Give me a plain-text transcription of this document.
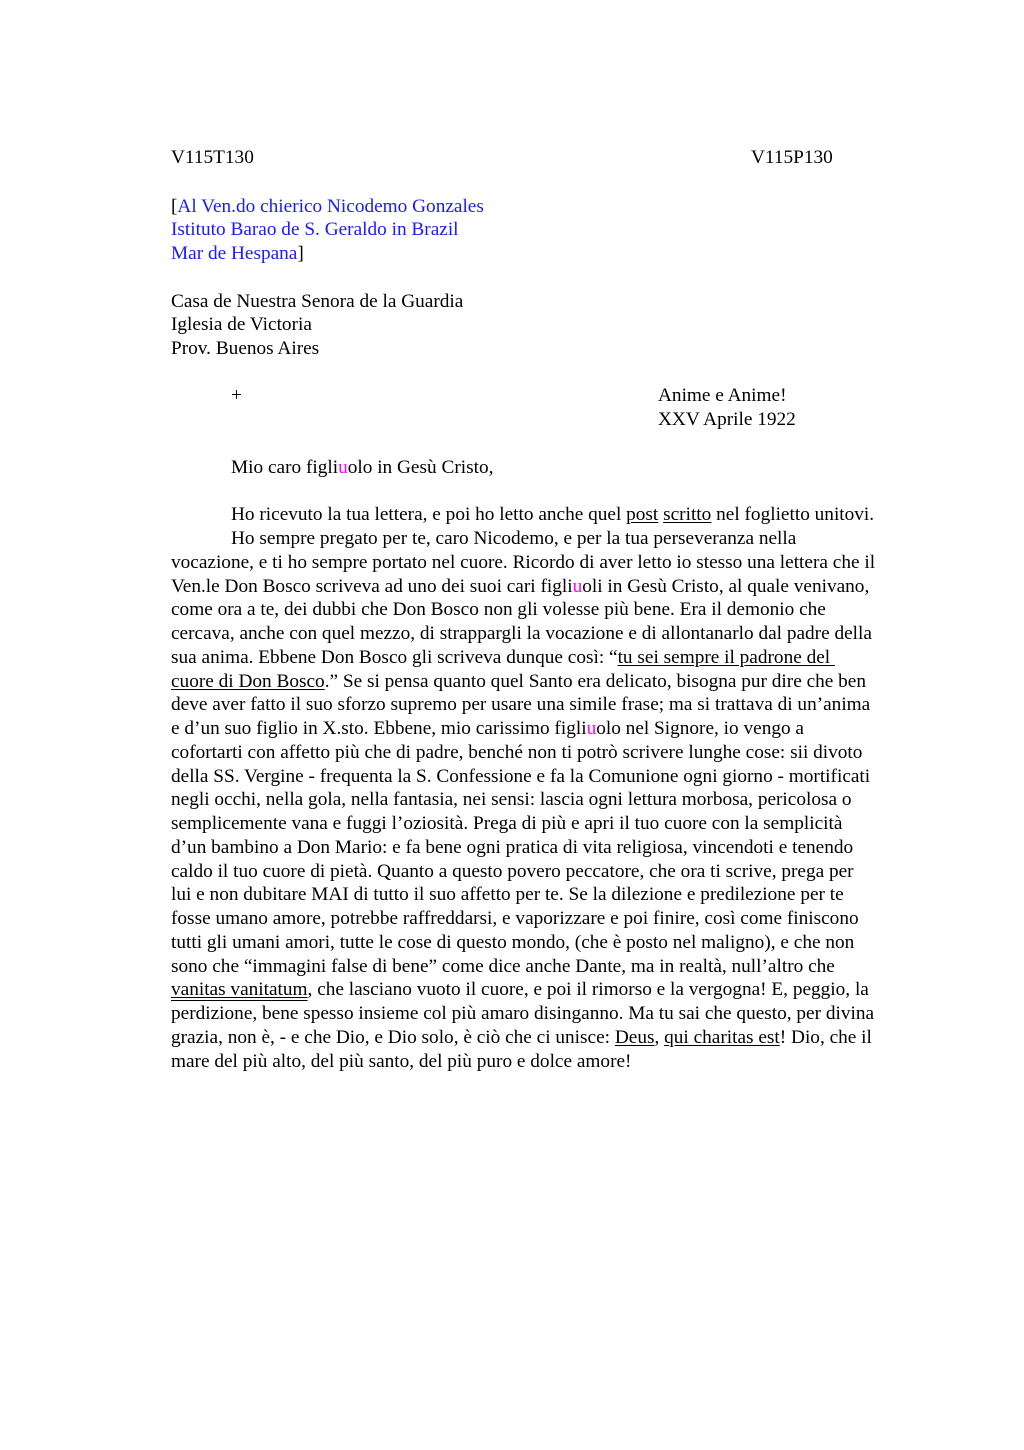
V115T130	V115P130
[Al Ven.do chierico Nicodemo Gonzales
Istituto Barao de S. Geraldo in Brazil
Mar de Hespana]
Casa de Nuestra Senora de la Guardia
Iglesia de Victoria
Prov. Buenos Aires
+	Anime e Anime!
XXV Aprile 1922
Mio caro figliuolo in Gesù Cristo,
Ho ricevuto la tua lettera, e poi ho letto anche quel post scritto nel foglietto unitovi.
Ho sempre pregato per te, caro Nicodemo, e per la tua perseveranza nella
vocazione, e ti ho sempre portato nel cuore. Ricordo di aver letto io stesso una lettera che il
Ven.le Don Bosco scriveva ad uno dei suoi cari figliuoli in Gesù Cristo, al quale venivano,
come ora a te, dei dubbi che Don Bosco non gli volesse più bene. Era il demonio che
cercava, anche con quel mezzo, di strappargli la vocazione e di allontanarlo dal padre della
sua anima. Ebbene Don Bosco gli scriveva dunque così: “tu sei sempre il padrone del
cuore di Don Bosco.” Se si pensa quanto quel Santo era delicato, bisogna pur dire che ben
deve aver fatto il suo sforzo supremo per usare una simile frase; ma si trattava di un’anima
e d’un suo figlio in X.sto. Ebbene, mio carissimo figliuolo nel Signore, io vengo a
cofortarti con affetto più che di padre, benché non ti potrò scrivere lunghe cose: sii divoto
della SS. Vergine - frequenta la S. Confessione e fa la Comunione ogni giorno - mortificati
negli occhi, nella gola, nella fantasia, nei sensi: lascia ogni lettura morbosa, pericolosa o
semplicemente vana e fuggi l’oziosità. Prega di più e apri il tuo cuore con la semplicità
d’un bambino a Don Mario: e fa bene ogni pratica di vita religiosa, vincendoti e tenendo
caldo il tuo cuore di pietà. Quanto a questo povero peccatore, che ora ti scrive, prega per
lui e non dubitare MAI di tutto il suo affetto per te. Se la dilezione e predilezione per te
fosse umano amore, potrebbe raffreddarsi, e vaporizzare e poi finire, così come finiscono
tutti gli umani amori, tutte le cose di questo mondo, (che è posto nel maligno), e che non
sono che “immagini false di bene” come dice anche Dante, ma in realtà, null’altro che
vanitas vanitatum, che lasciano vuoto il cuore, e poi il rimorso e la vergogna! E, peggio, la
perdizione, bene spesso insieme col più amaro disinganno. Ma tu sai che questo, per divina
grazia, non è, - e che Dio, e Dio solo, è ciò che ci unisce: Deus, qui charitas est! Dio, che il
mare del più alto, del più santo, del più puro e dolce amore!
